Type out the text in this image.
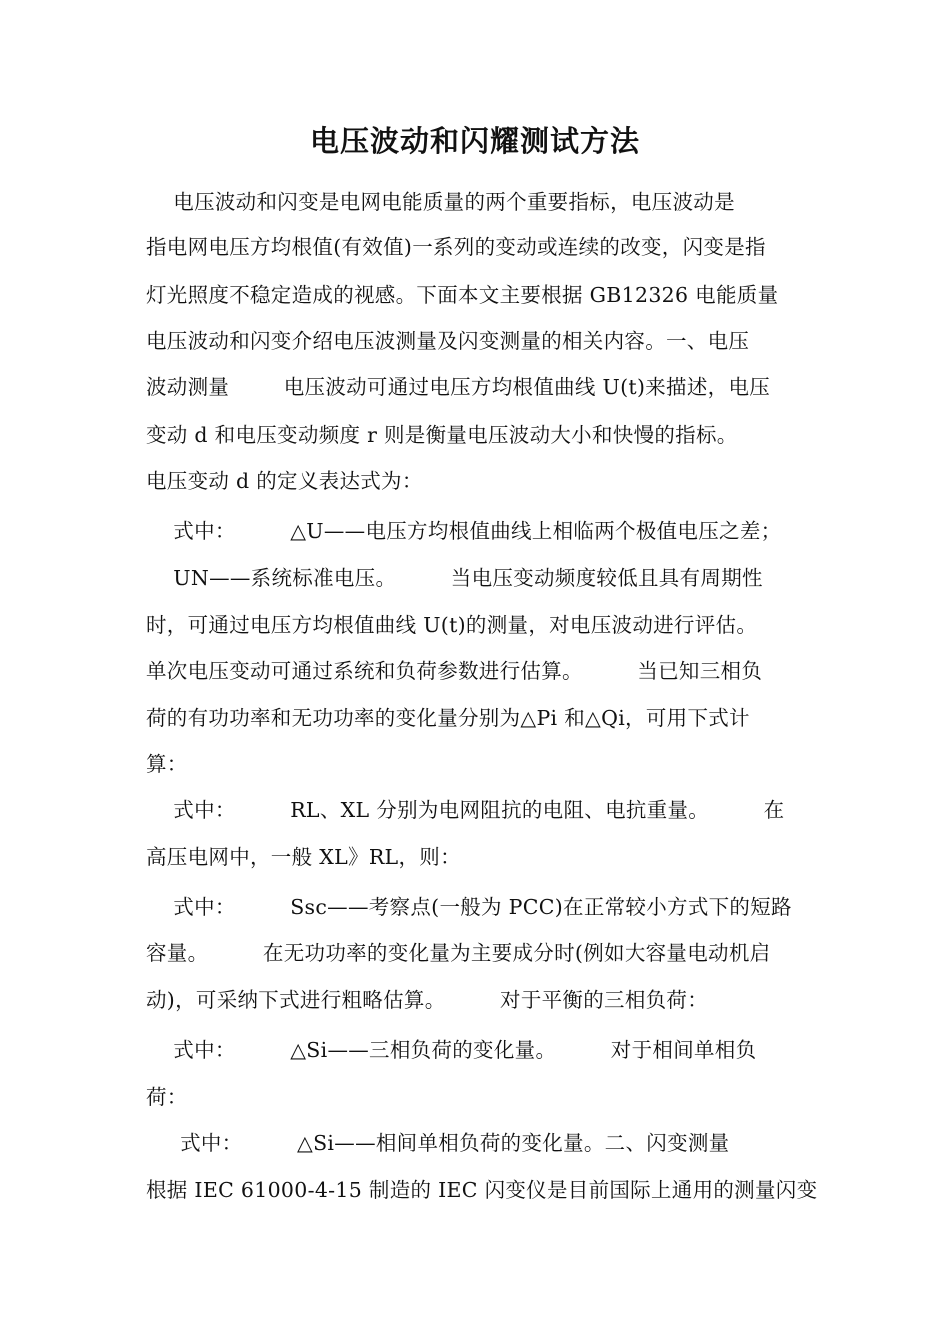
电压波动和闪耀测试方法
电压波动和闪变是电网电能质量的两个重要指标，电压波动是
指电网电压方均根值(有效值)一系列的变动或连续的改变，闪变是指
灯光照度不稳定造成的视感。下面本文主要根据 GB12326 电能质量
电压波动和闪变介绍电压波测量及闪变测量的相关内容。一、电压
波动测量        电压波动可通过电压方均根值曲线 U(t)来描述，电压
变动 d 和电压变动频度 r 则是衡量电压波动大小和快慢的指标。
电压变动 d 的定义表达式为：
式中：        △U——电压方均根值曲线上相临两个极值电压之差；
UN——系统标准电压。        当电压变动频度较低且具有周期性
时，可通过电压方均根值曲线 U(t)的测量，对电压波动进行评估。
单次电压变动可通过系统和负荷参数进行估算。        当已知三相负
荷的有功功率和无功功率的变化量分别为△Pi 和△Qi，可用下式计
算：
式中：        RL、XL 分别为电网阻抗的电阻、电抗重量。        在
高压电网中，一般 XL》RL，则：
式中：        Ssc——考察点(一般为 PCC)在正常较小方式下的短路
容量。        在无功功率的变化量为主要成分时(例如大容量电动机启
动)，可采纳下式进行粗略估算。        对于平衡的三相负荷：
式中：        △Si——三相负荷的变化量。        对于相间单相负
荷：
式中：        △Si——相间单相负荷的变化量。二、闪变测量
根据 IEC 61000-4-15 制造的 IEC 闪变仪是目前国际上通用的测量闪变
